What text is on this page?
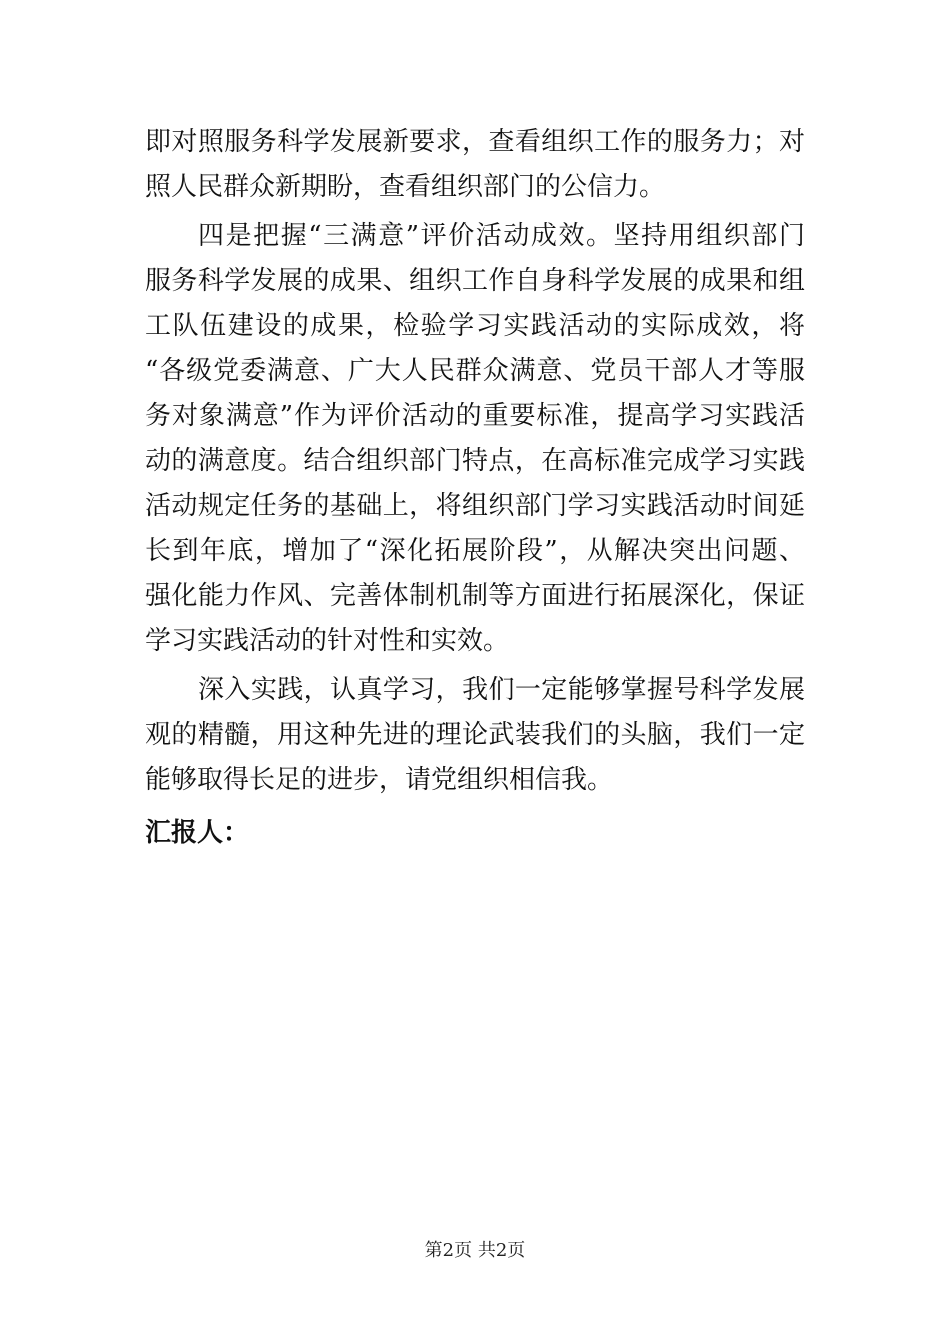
即对照服务科学发展新要求，查看组织工作的服务力；对
照人民群众新期盼，查看组织部门的公信力。
四是把握“三满意”评价活动成效。坚持用组织部门
服务科学发展的成果、组织工作自身科学发展的成果和组
工队伍建设的成果，检验学习实践活动的实际成效，将
“各级党委满意、广大人民群众满意、党员干部人才等服
务对象满意”作为评价活动的重要标准，提高学习实践活
动的满意度。结合组织部门特点，在高标准完成学习实践
活动规定任务的基础上，将组织部门学习实践活动时间延
长到年底，增加了“深化拓展阶段”，从解决突出问题、
强化能力作风、完善体制机制等方面进行拓展深化，保证
学习实践活动的针对性和实效。
深入实践，认真学习，我们一定能够掌握号科学发展
观的精髓，用这种先进的理论武装我们的头脑，我们一定
能够取得长足的进步，请党组织相信我。
汇报人：
第2页 共2页
